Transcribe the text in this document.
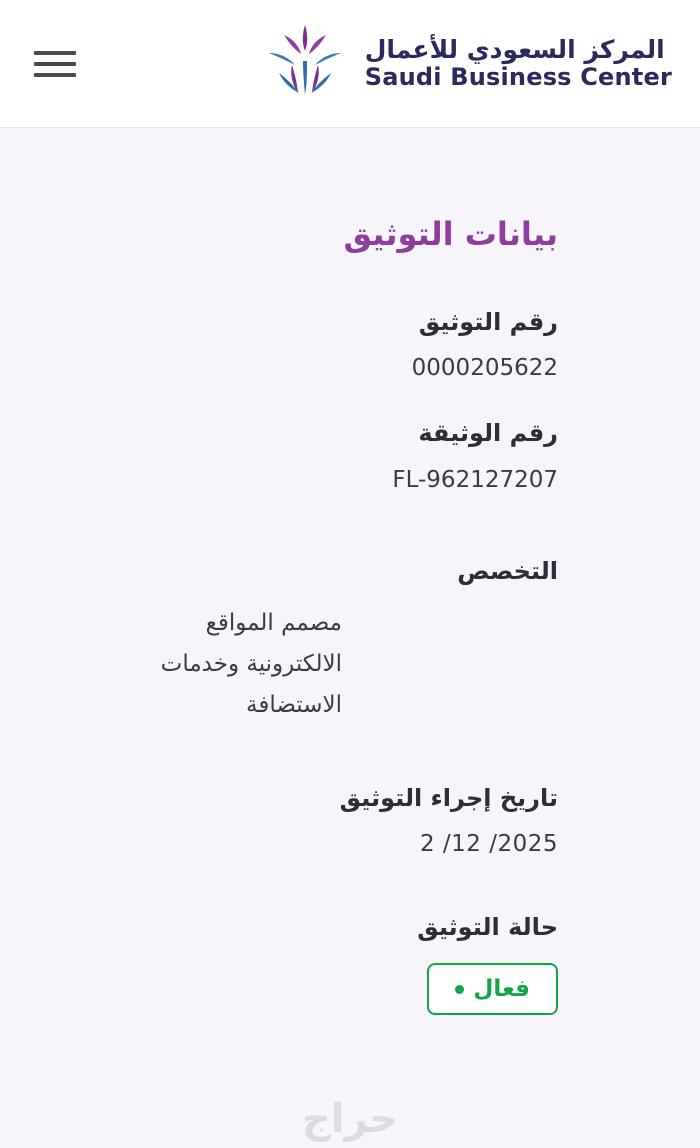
المركز السعودي للأعمال
Saudi Business Center
بيانات التوثيق
رقم التوثيق
0000205622
رقم الوثيقة
FL-962127207
التخصص
مصمم المواقع الالكترونية وخدمات الاستضافة
تاريخ إجراء التوثيق
2 /12 /2025
حالة التوثيق
فعال
حراج
